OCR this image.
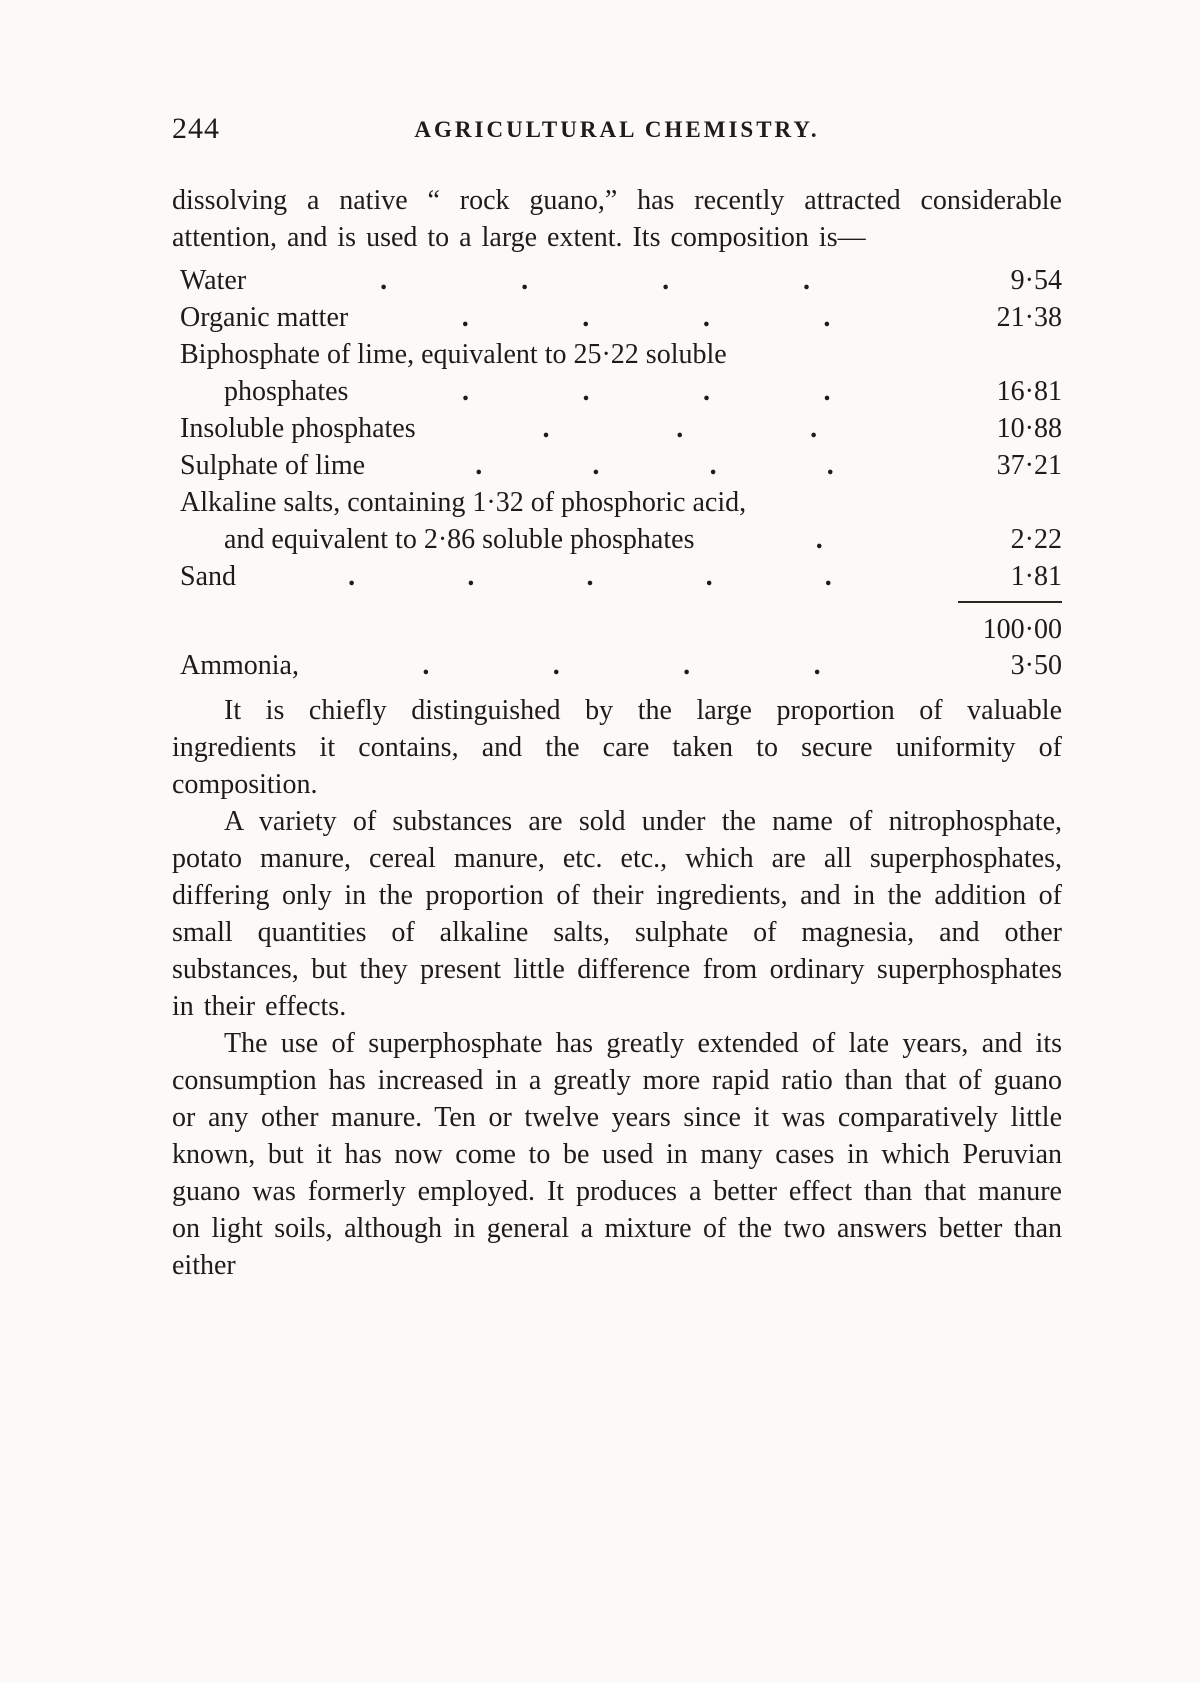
244	AGRICULTURAL CHEMISTRY.

dissolving a native “ rock guano,” has recently attracted considerable attention, and is used to a large extent. Its composition is—

Water	.	.	.	.	9·54
Organic matter	.	.	.	.	21·38
Biphosphate of lime, equivalent to 25·22 soluble
phosphates	.	.	.	.	16·81
Insoluble phosphates	.	.	.	10·88
Sulphate of lime	.	.	.	.	37·21
Alkaline salts, containing 1·32 of phosphoric acid,
and equivalent to 2·86 soluble phosphates	.	2·22
Sand	.	.	.	.	.	1·81
100·00
Ammonia,	.	.	.	.	3·50

It is chiefly distinguished by the large proportion of valuable ingredients it contains, and the care taken to secure uniformity of composition.

A variety of substances are sold under the name of nitrophosphate, potato manure, cereal manure, etc. etc., which are all superphosphates, differing only in the proportion of their ingredients, and in the addition of small quantities of alkaline salts, sulphate of magnesia, and other substances, but they present little difference from ordinary superphosphates in their effects.

The use of superphosphate has greatly extended of late years, and its consumption has increased in a greatly more rapid ratio than that of guano or any other manure. Ten or twelve years since it was comparatively little known, but it has now come to be used in many cases in which Peruvian guano was formerly employed. It produces a better effect than that manure on light soils, although in general a mixture of the two answers better than either
